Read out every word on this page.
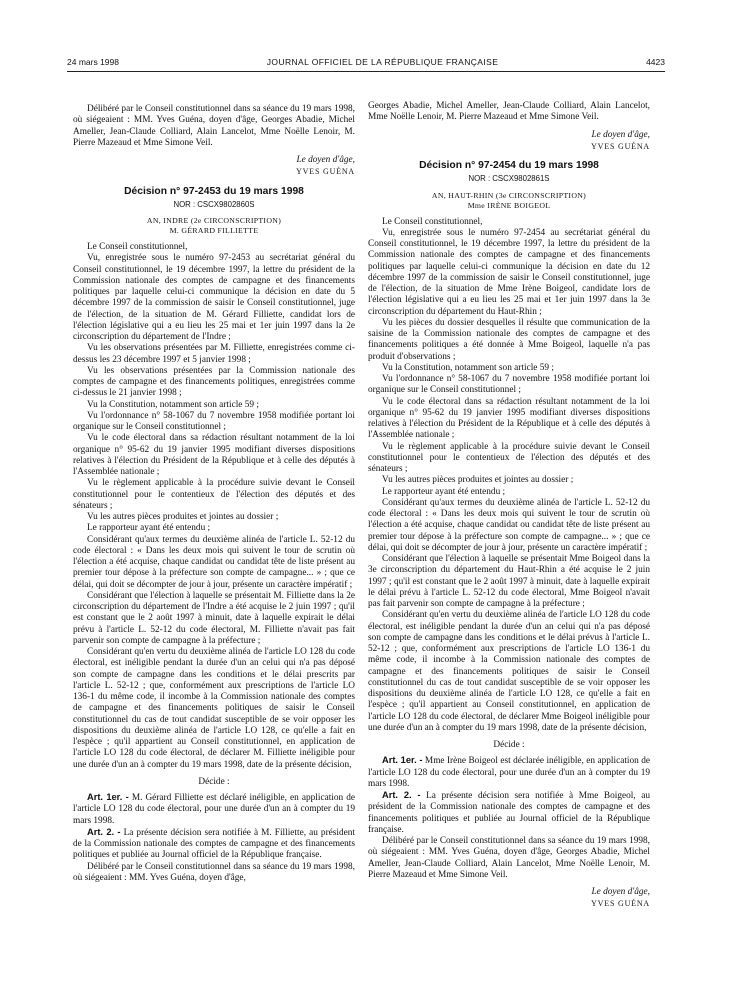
24 mars 1998	JOURNAL OFFICIEL DE LA RÉPUBLIQUE FRANÇAISE	4423

Délibéré par le Conseil constitutionnel dans sa séance du 19 mars 1998, où siégeaient : MM. Yves Guéna, doyen d'âge, Georges Abadie, Michel Ameller, Jean-Claude Colliard, Alain Lancelot, Mme Noëlle Lenoir, M. Pierre Mazeaud et Mme Simone Veil.

Le doyen d'âge,
YVES GUÉNA
Décision n° 97-2453 du 19 mars 1998
NOR : CSCX9802860S
AN, INDRE (2e CIRCONSCRIPTION)
M. GÉRARD FILLIETTE

Le Conseil constitutionnel,

Vu, enregistrée sous le numéro 97-2453 au secrétariat général du Conseil constitutionnel, le 19 décembre 1997, la lettre du président de la Commission nationale des comptes de campagne et des financements politiques par laquelle celui-ci communique la décision en date du 5 décembre 1997 de la commission de saisir le Conseil constitutionnel, juge de l'élection, de la situation de M. Gérard Filliette, candidat lors de l'élection législative qui a eu lieu les 25 mai et 1er juin 1997 dans la 2e circonscription du département de l'Indre ;

Vu les observations présentées par M. Filliette, enregistrées comme ci-dessus les 23 décembre 1997 et 5 janvier 1998 ;

Vu les observations présentées par la Commission nationale des comptes de campagne et des financements politiques, enregistrées comme ci-dessus le 21 janvier 1998 ;

Vu la Constitution, notamment son article 59 ;

Vu l'ordonnance n° 58-1067 du 7 novembre 1958 modifiée portant loi organique sur le Conseil constitutionnel ;

Vu le code électoral dans sa rédaction résultant notamment de la loi organique n° 95-62 du 19 janvier 1995 modifiant diverses dispositions relatives à l'élection du Président de la République et à celle des députés à l'Assemblée nationale ;

Vu le règlement applicable à la procédure suivie devant le Conseil constitutionnel pour le contentieux de l'élection des députés et des sénateurs ;

Vu les autres pièces produites et jointes au dossier ;

Le rapporteur ayant été entendu ;

Considérant qu'aux termes du deuxième alinéa de l'article L. 52-12 du code électoral : « Dans les deux mois qui suivent le tour de scrutin où l'élection a été acquise, chaque candidat ou candidat tête de liste présent au premier tour dépose à la préfecture son compte de campagne... » ; que ce délai, qui doit se décompter de jour à jour, présente un caractère impératif ;

Considérant que l'élection à laquelle se présentait M. Filliette dans la 2e circonscription du département de l'Indre a été acquise le 2 juin 1997 ; qu'il est constant que le 2 août 1997 à minuit, date à laquelle expirait le délai prévu à l'article L. 52-12 du code électoral, M. Filliette n'avait pas fait parvenir son compte de campagne à la préfecture ;

Considérant qu'en vertu du deuxième alinéa de l'article LO 128 du code électoral, est inéligible pendant la durée d'un an celui qui n'a pas déposé son compte de campagne dans les conditions et le délai prescrits par l'article L. 52-12 ; que, conformément aux prescriptions de l'article LO 136-1 du même code, il incombe à la Commission nationale des comptes de campagne et des financements politiques de saisir le Conseil constitutionnel du cas de tout candidat susceptible de se voir opposer les dispositions du deuxième alinéa de l'article LO 128, ce qu'elle a fait en l'espèce ; qu'il appartient au Conseil constitutionnel, en application de l'article LO 128 du code électoral, de déclarer M. Filliette inéligible pour une durée d'un an à compter du 19 mars 1998, date de la présente décision,

Décide :

Art. 1er. - M. Gérard Filliette est déclaré inéligible, en application de l'article LO 128 du code électoral, pour une durée d'un an à compter du 19 mars 1998.

Art. 2. - La présente décision sera notifiée à M. Filliette, au président de la Commission nationale des comptes de campagne et des financements politiques et publiée au Journal officiel de la République française.

Délibéré par le Conseil constitutionnel dans sa séance du 19 mars 1998, où siégeaient : MM. Yves Guéna, doyen d'âge,

Georges Abadie, Michel Ameller, Jean-Claude Colliard, Alain Lancelot, Mme Noëlle Lenoir, M. Pierre Mazeaud et Mme Simone Veil.

Le doyen d'âge,
YVES GUÉNA
Décision n° 97-2454 du 19 mars 1998
NOR : CSCX9802861S
AN, HAUT-RHIN (3e CIRCONSCRIPTION)
Mme IRÈNE BOIGEOL

Le Conseil constitutionnel,

Vu, enregistrée sous le numéro 97-2454 au secrétariat général du Conseil constitutionnel, le 19 décembre 1997, la lettre du président de la Commission nationale des comptes de campagne et des financements politiques par laquelle celui-ci communique la décision en date du 12 décembre 1997 de la commission de saisir le Conseil constitutionnel, juge de l'élection, de la situation de Mme Irène Boigeol, candidate lors de l'élection législative qui a eu lieu les 25 mai et 1er juin 1997 dans la 3e circonscription du département du Haut-Rhin ;

Vu les pièces du dossier desquelles il résulte que communication de la saisine de la Commission nationale des comptes de campagne et des financements politiques a été donnée à Mme Boigeol, laquelle n'a pas produit d'observations ;

Vu la Constitution, notamment son article 59 ;

Vu l'ordonnance n° 58-1067 du 7 novembre 1958 modifiée portant loi organique sur le Conseil constitutionnel ;

Vu le code électoral dans sa rédaction résultant notamment de la loi organique n° 95-62 du 19 janvier 1995 modifiant diverses dispositions relatives à l'élection du Président de la République et à celle des députés à l'Assemblée nationale ;

Vu le règlement applicable à la procédure suivie devant le Conseil constitutionnel pour le contentieux de l'élection des députés et des sénateurs ;

Vu les autres pièces produites et jointes au dossier ;

Le rapporteur ayant été entendu ;

Considérant qu'aux termes du deuxième alinéa de l'article L. 52-12 du code électoral : « Dans les deux mois qui suivent le tour de scrutin où l'élection a été acquise, chaque candidat ou candidat tête de liste présent au premier tour dépose à la préfecture son compte de campagne... » ; que ce délai, qui doit se décompter de jour à jour, présente un caractère impératif ;

Considérant que l'élection à laquelle se présentait Mme Boigeol dans la 3e circonscription du département du Haut-Rhin a été acquise le 2 juin 1997 ; qu'il est constant que le 2 août 1997 à minuit, date à laquelle expirait le délai prévu à l'article L. 52-12 du code électoral, Mme Boigeol n'avait pas fait parvenir son compte de campagne à la préfecture ;

Considérant qu'en vertu du deuxième alinéa de l'article LO 128 du code électoral, est inéligible pendant la durée d'un an celui qui n'a pas déposé son compte de campagne dans les conditions et le délai prévus à l'article L. 52-12 ; que, conformément aux prescriptions de l'article LO 136-1 du même code, il incombe à la Commission nationale des comptes de campagne et des financements politiques de saisir le Conseil constitutionnel du cas de tout candidat susceptible de se voir opposer les dispositions du deuxième alinéa de l'article LO 128, ce qu'elle a fait en l'espèce ; qu'il appartient au Conseil constitutionnel, en application de l'article LO 128 du code électoral, de déclarer Mme Boigeol inéligible pour une durée d'un an à compter du 19 mars 1998, date de la présente décision,

Décide :

Art. 1er. - Mme Irène Boigeol est déclarée inéligible, en application de l'article LO 128 du code électoral, pour une durée d'un an à compter du 19 mars 1998.

Art. 2. - La présente décision sera notifiée à Mme Boigeol, au président de la Commission nationale des comptes de campagne et des financements politiques et publiée au Journal officiel de la République française.

Délibéré par le Conseil constitutionnel dans sa séance du 19 mars 1998, où siégeaient : MM. Yves Guéna, doyen d'âge, Georges Abadie, Michel Ameller, Jean-Claude Colliard, Alain Lancelot, Mme Noëlle Lenoir, M. Pierre Mazeaud et Mme Simone Veil.

Le doyen d'âge,
YVES GUÉNA
